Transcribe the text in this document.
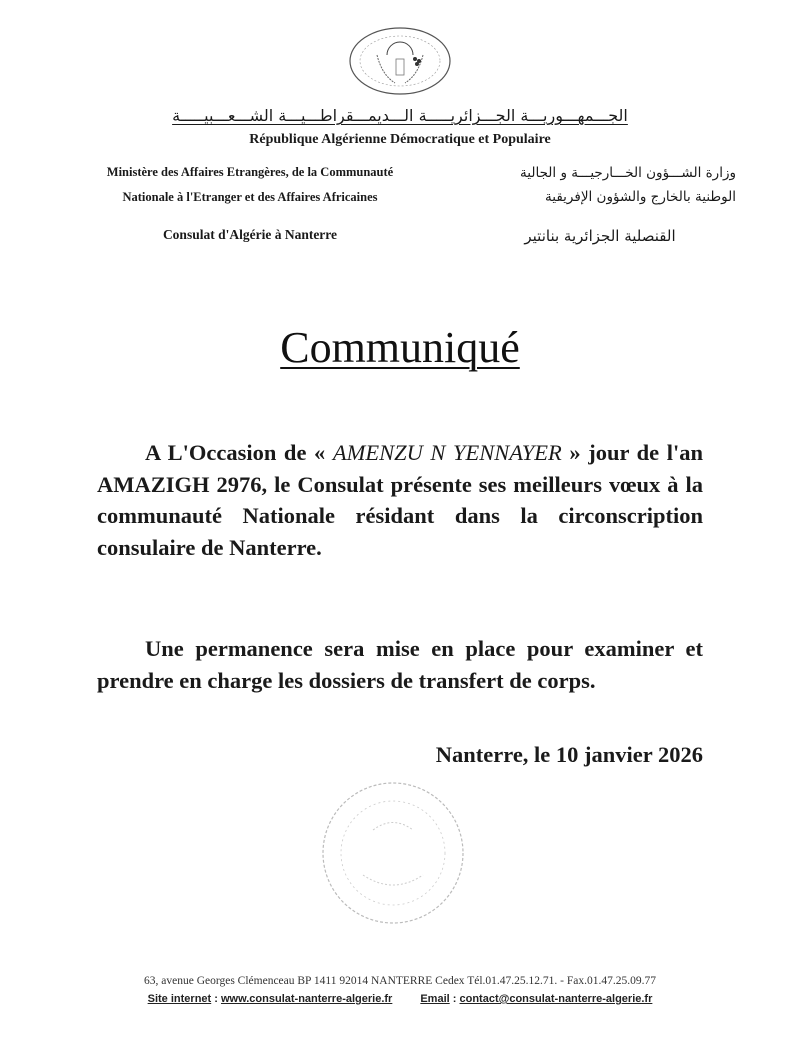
الجـــمهـــوريـــة الجـــزائريـــــة الـــديمـــقراطـــيـــة الشـــعـــبيـــــة
République Algérienne Démocratique et Populaire
Ministère des Affaires Etrangères, de la Communauté
Nationale à l'Etranger et des Affaires Africaines
Consulat d'Algérie à Nanterre
وزارة الشـــؤون الخـــارجيـــة و الجالية
الوطنية بالخارج والشؤون الإفريقية
القنصلية الجزائرية بنانتير
Communiqué
A L'Occasion de « AMENZU N YENNAYER » jour de l'an AMAZIGH 2976, le Consulat présente ses meilleurs vœux à la communauté Nationale résidant dans la circonscription consulaire de Nanterre.
Une permanence sera mise en place pour examiner et prendre en charge les dossiers de transfert de corps.
Nanterre, le 10 janvier 2026
63, avenue Georges Clémenceau BP 1411 92014 NANTERRE Cedex Tél.01.47.25.12.71. - Fax.01.47.25.09.77
Site internet : www.consulat-nanterre-algerie.fr	Email : contact@consulat-nanterre-algerie.fr
